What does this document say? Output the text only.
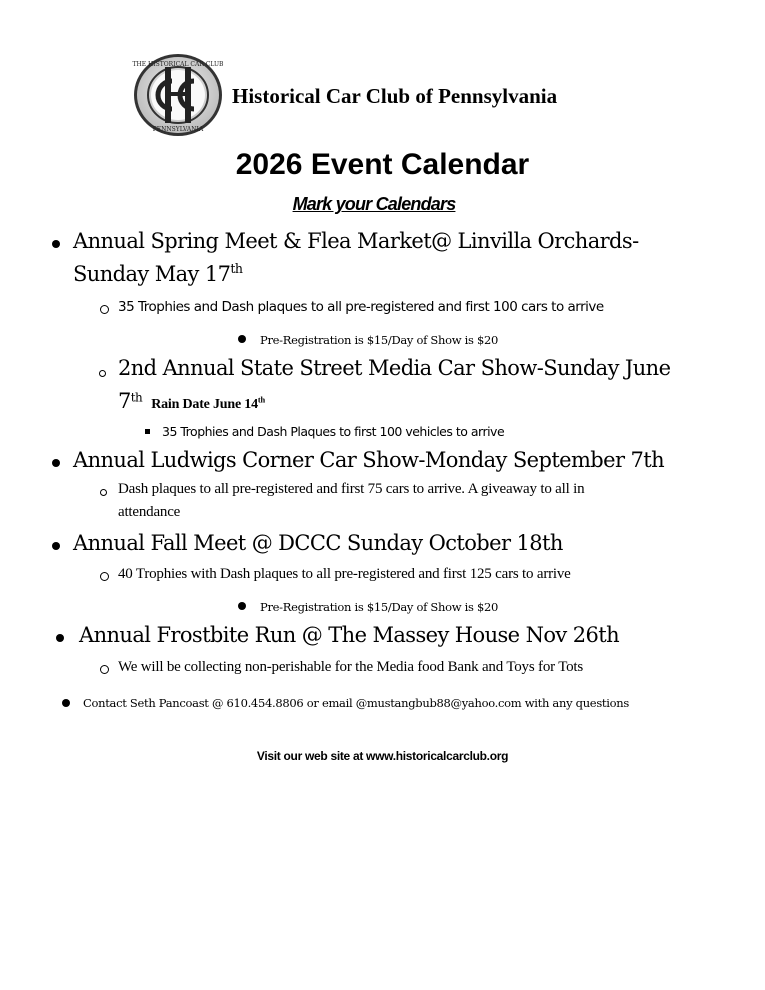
THE HISTORICAL CAR CLUB
PENNSYLVANIA
Historical Car Club of Pennsylvania
2026 Event Calendar
Mark your Calendars
Annual Spring Meet & Flea Market@ Linvilla Orchards-
Sunday May 17th
35 Trophies and Dash plaques to all pre-registered and first 100 cars to arrive
Pre-Registration is $15/Day of Show is $20
2nd Annual State Street Media Car Show-Sunday June
7th Rain Date June 14th
35 Trophies and Dash Plaques to first 100 vehicles to arrive
Annual Ludwigs Corner Car Show-Monday September 7th
Dash plaques to all pre-registered and first 75 cars to arrive. A giveaway to all in
attendance
Annual Fall Meet @ DCCC Sunday October 18th
40 Trophies with Dash plaques to all pre-registered and first 125 cars to arrive
Pre-Registration is $15/Day of Show is $20
Annual Frostbite Run @ The Massey House Nov 26th
We will be collecting non-perishable for the Media food Bank and Toys for Tots
Contact Seth Pancoast @ 610.454.8806 or email @mustangbub88@yahoo.com with any questions
Visit our web site at www.historicalcarclub.org
